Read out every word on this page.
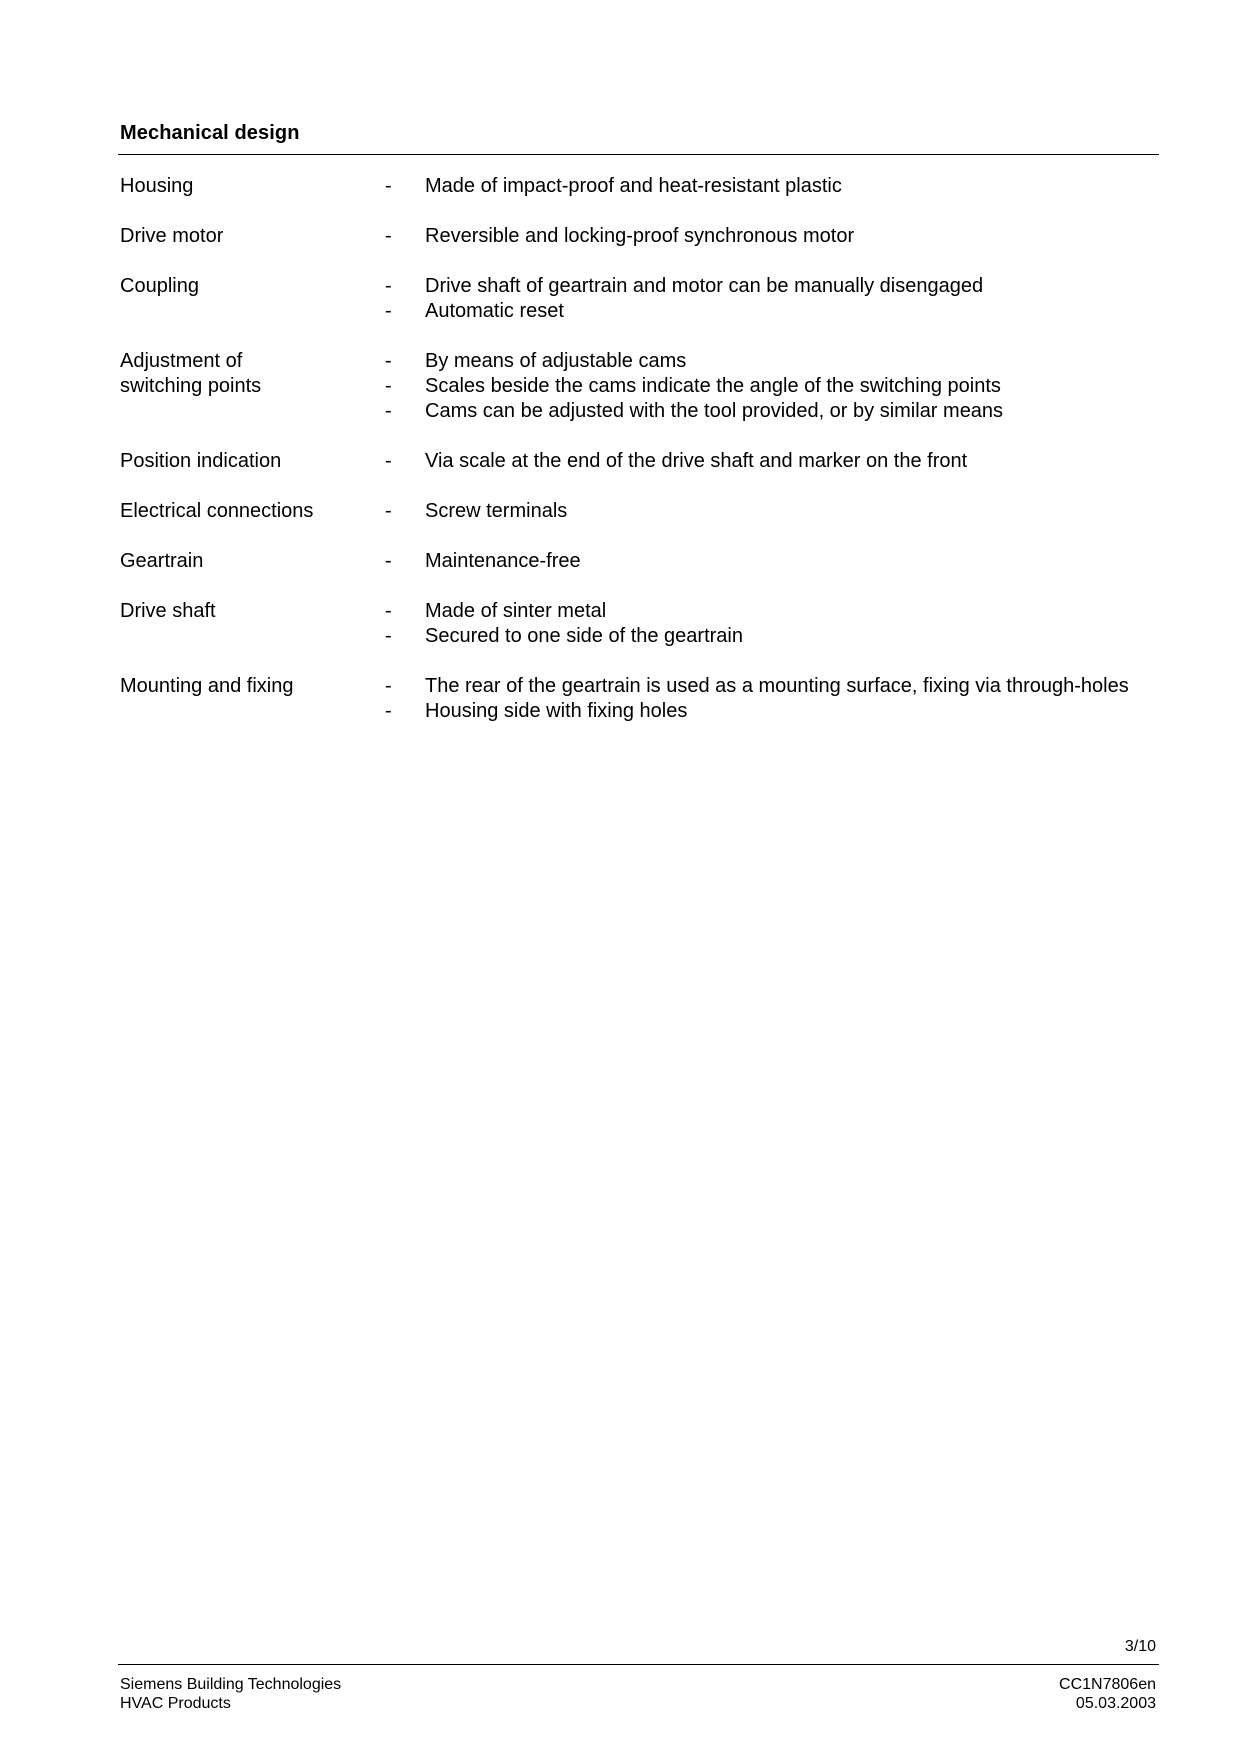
Mechanical design
Housing	-	Made of impact-proof and heat-resistant plastic
Drive motor	-	Reversible and locking-proof synchronous motor
Coupling	-	Drive shaft of geartrain and motor can be manually disengaged
-	Automatic reset
Adjustment of
switching points
-	By means of adjustable cams
-	Scales beside the cams indicate the angle of the switching points
-	Cams can be adjusted with the tool provided, or by similar means
Position indication	-	Via scale at the end of the drive shaft and marker on the front
Electrical connections	-	Screw terminals
Geartrain	-	Maintenance-free
Drive shaft	-	Made of sinter metal
-	Secured to one side of the geartrain
Mounting and fixing	-	The rear of the geartrain is used as a mounting surface, fixing via through-holes
-	Housing side with fixing holes
3/10
Siemens Building Technologies
HVAC Products
CC1N7806en
05.03.2003
